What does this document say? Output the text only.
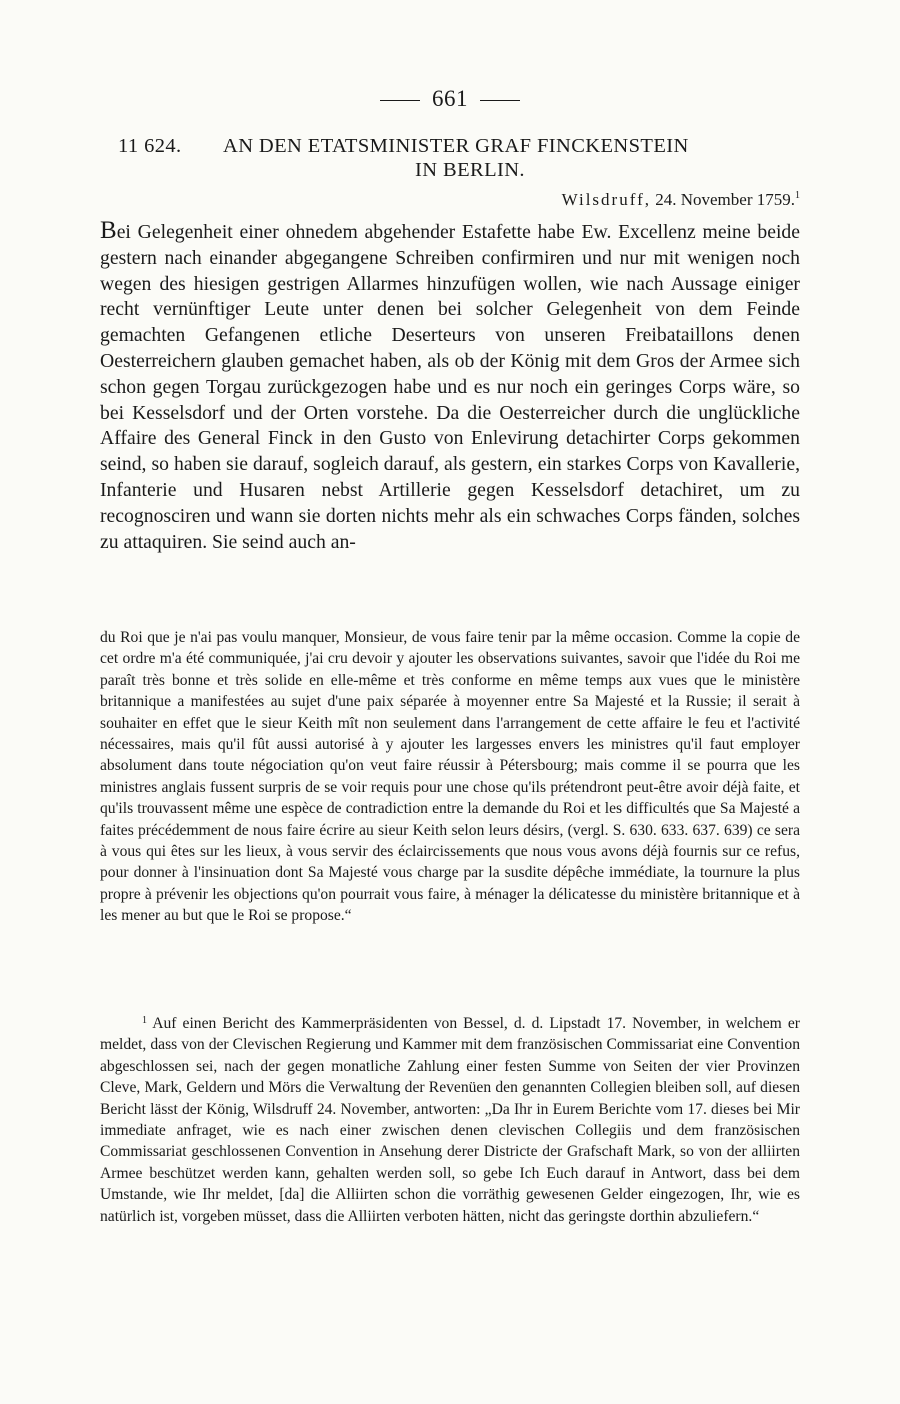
661
11 624. AN DEN ETATSMINISTER GRAF FINCKENSTEIN
IN BERLIN.
Wilsdruff, 24. November 1759.$^1$

Bei Gelegenheit einer ohnedem abgehender Estafette habe Ew. Excellenz meine beide gestern nach einander abgegangene Schreiben confirmiren und nur mit wenigen noch wegen des hiesigen gestrigen Allarmes hinzufügen wollen, wie nach Aussage einiger recht vernünftiger Leute unter denen bei solcher Gelegenheit von dem Feinde gemachten Gefangenen etliche Deserteurs von unseren Freibataillons denen Oesterreichern glauben gemachet haben, als ob der König mit dem Gros der Armee sich schon gegen Torgau zurückgezogen habe und es nur noch ein geringes Corps wäre, so bei Kesselsdorf und der Orten vorstehe. Da die Oesterreicher durch die unglückliche Affaire des General Finck in den Gusto von Enlevirung detachirter Corps gekommen seind, so haben sie darauf, sogleich darauf, als gestern, ein starkes Corps von Kavallerie, Infanterie und Husaren nebst Artillerie gegen Kesselsdorf detachiret, um zu recognosciren und wann sie dorten nichts mehr als ein schwaches Corps fänden, solches zu attaquiren. Sie seind auch an-

du Roi que je n'ai pas voulu manquer, Monsieur, de vous faire tenir par la même occasion. Comme la copie de cet ordre m'a été communiquée, j'ai cru devoir y ajouter les observations suivantes, savoir que l'idée du Roi me paraît très bonne et très solide en elle-même et très conforme en même temps aux vues que le ministère britannique a manifestées au sujet d'une paix séparée à moyenner entre Sa Majesté et la Russie; il serait à souhaiter en effet que le sieur Keith mît non seulement dans l'arrangement de cette affaire le feu et l'activité nécessaires, mais qu'il fût aussi autorisé à y ajouter les largesses envers les ministres qu'il faut employer absolument dans toute négociation qu'on veut faire réussir à Pétersbourg; mais comme il se pourra que les ministres anglais fussent surpris de se voir requis pour une chose qu'ils prétendront peut-être avoir déjà faite, et qu'ils trouvassent même une espèce de contradiction entre la demande du Roi et les difficultés que Sa Majesté a faites précédemment de nous faire écrire au sieur Keith selon leurs désirs, (vergl. S. 630. 633. 637. 639) ce sera à vous qui êtes sur les lieux, à vous servir des éclaircissements que nous vous avons déjà fournis sur ce refus, pour donner à l'insinuation dont Sa Majesté vous charge par la susdite dépêche immédiate, la tournure la plus propre à prévenir les objections qu'on pourrait vous faire, à ménager la délicatesse du ministère britannique et à les mener au but que le Roi se propose.“

$^1$ Auf einen Bericht des Kammerpräsidenten von Bessel, d. d. Lipstadt 17. November, in welchem er meldet, dass von der Clevischen Regierung und Kammer mit dem französischen Commissariat eine Convention abgeschlossen sei, nach der gegen monatliche Zahlung einer festen Summe von Seiten der vier Provinzen Cleve, Mark, Geldern und Mörs die Verwaltung der Revenüen den genannten Collegien bleiben soll, auf diesen Bericht lässt der König, Wilsdruff 24. November, antworten: „Da Ihr in Eurem Berichte vom 17. dieses bei Mir immediate anfraget, wie es nach einer zwischen denen clevischen Collegiis und dem französischen Commissariat geschlossenen Convention in Ansehung derer Districte der Grafschaft Mark, so von der alliirten Armee beschützet werden kann, gehalten werden soll, so gebe Ich Euch darauf in Antwort, dass bei dem Umstande, wie Ihr meldet, [da] die Alliirten schon die vorräthig gewesenen Gelder eingezogen, Ihr, wie es natürlich ist, vorgeben müsset, dass die Alliirten verboten hätten, nicht das geringste dorthin abzuliefern.“
